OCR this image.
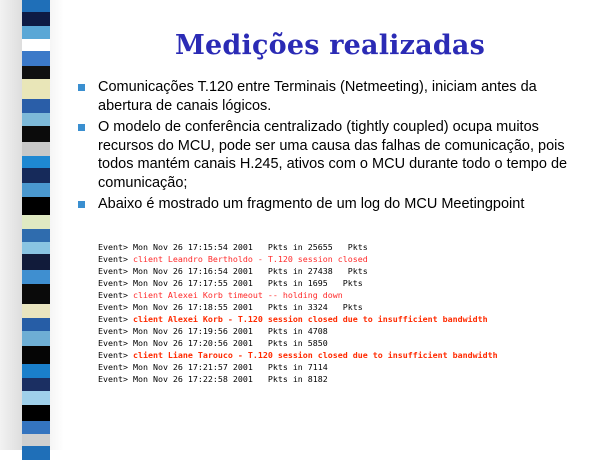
Medições realizadas
Comunicações T.120 entre Terminais (Netmeeting), iniciam antes da abertura de canais lógicos.
O modelo de conferência centralizado (tightly coupled) ocupa muitos recursos do MCU, pode ser uma causa das falhas de comunicação, pois todos mantém canais H.245, ativos com o MCU durante todo o tempo de comunicação;
Abaixo é mostrado um fragmento de um log do MCU Meetingpoint
Event> Mon Nov 26 17:15:54 2001   Pkts in 25655   Pkts
Event> client Leandro Bertholdo - T.120 session closed
Event> Mon Nov 26 17:16:54 2001   Pkts in 27438   Pkts
Event> Mon Nov 26 17:17:55 2001   Pkts in 1695   Pkts
Event> client Alexei Korb timeout -- holding down
Event> Mon Nov 26 17:18:55 2001   Pkts in 3324   Pkts
Event> client Alexei Korb - T.120 session closed due to insufficient bandwidth
Event> Mon Nov 26 17:19:56 2001   Pkts in 4708
Event> Mon Nov 26 17:20:56 2001   Pkts in 5850
Event> client Liane Tarouco - T.120 session closed due to insufficient bandwidth
Event> Mon Nov 26 17:21:57 2001   Pkts in 7114
Event> Mon Nov 26 17:22:58 2001   Pkts in 8182
